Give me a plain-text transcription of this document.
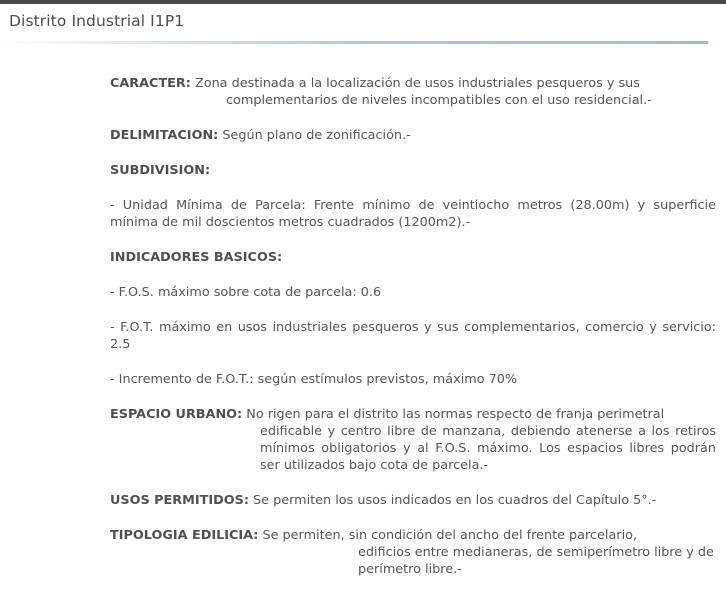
Distrito Industrial I1P1
CARACTER: Zona destinada a la localización de usos industriales pesqueros y sus
complementarios de niveles incompatibles con el uso residencial.-
DELIMITACION: Según plano de zonificación.-
SUBDIVISION:
- Unidad Mínima de Parcela: Frente mínimo de veintiocho metros (28.00m) y superficie mínima de mil doscientos metros cuadrados (1200m2).-
INDICADORES BASICOS:
- F.O.S. máximo sobre cota de parcela: 0.6
- F.O.T. máximo en usos industriales pesqueros y sus complementarios, comercio y servicio: 2.5
- Incremento de F.O.T.: según estímulos previstos, máximo 70%
ESPACIO URBANO: No rigen para el distrito las normas respecto de franja perimetral
edificable y centro libre de manzana, debiendo atenerse a los retiros mínimos obligatorios y al F.O.S. máximo. Los espacios libres podrán ser utilizados bajo cota de parcela.-
USOS PERMITIDOS: Se permiten los usos indicados en los cuadros del Capítulo 5°.-
TIPOLOGIA EDILICIA: Se permiten, sin condición del ancho del frente parcelario,
edificios entre medianeras, de semiperímetro libre y de perímetro libre.-
